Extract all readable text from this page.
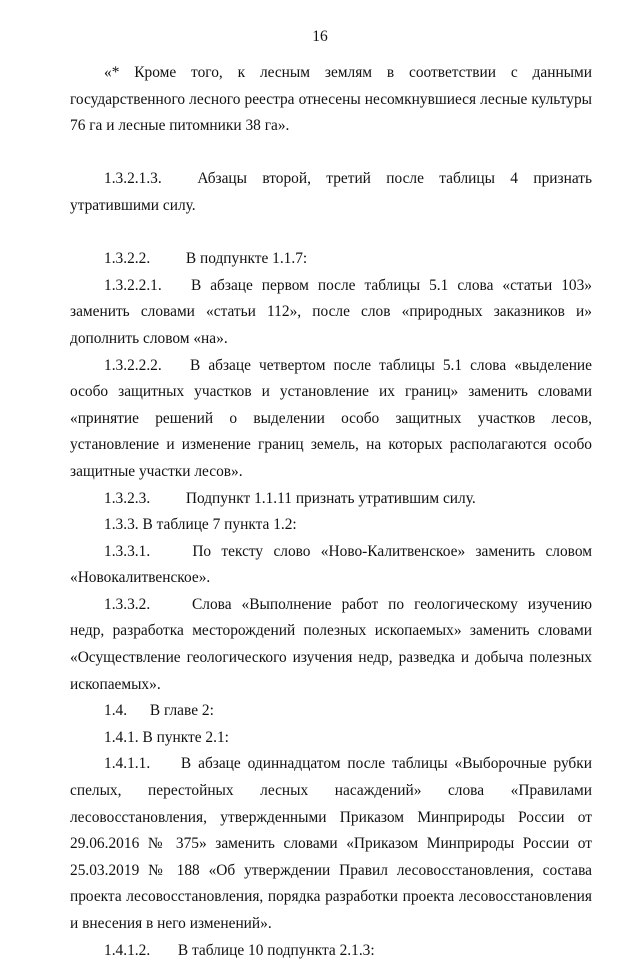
16

«* Кроме того, к лесным землям в соответствии с данными государственного лесного реестра отнесены несомкнувшиеся лесные культуры 76 га и лесные питомники 38 га».

1.3.2.1.3. Абзацы второй, третий после таблицы 4 признать утратившими силу.

1.3.2.2. В подпункте 1.1.7:

1.3.2.2.1. В абзаце первом после таблицы 5.1 слова «статьи 103» заменить словами «статьи 112», после слов «природных заказников и» дополнить словом «на».

1.3.2.2.2. В абзаце четвертом после таблицы 5.1 слова «выделение особо защитных участков и установление их границ» заменить словами «принятие решений о выделении особо защитных участков лесов, установление и изменение границ земель, на которых располагаются особо защитные участки лесов».

1.3.2.3. Подпункт 1.1.11 признать утратившим силу.

1.3.3. В таблице 7 пункта 1.2:

1.3.3.1.	По тексту слово «Ново-Калитвенское» заменить словом «Новокалитвенское».

1.3.3.2.	Слова «Выполнение работ по геологическому изучению недр, разработка месторождений полезных ископаемых» заменить словами «Осуществление геологического изучения недр, разведка и добыча полезных ископаемых».

1.4. В главе 2:

1.4.1. В пункте 2.1:

1.4.1.1. В абзаце одиннадцатом после таблицы «Выборочные рубки спелых, перестойных лесных насаждений» слова «Правилами лесовосстановления, утвержденными Приказом Минприроды России от 29.06.2016 № 375» заменить словами «Приказом Минприроды России от 25.03.2019 № 188 «Об утверждении Правил лесовосстановления, состава проекта лесовосстановления, порядка разработки проекта лесовосстановления и внесения в него изменений».

1.4.1.2. В таблице 10 подпункта 2.1.3:
